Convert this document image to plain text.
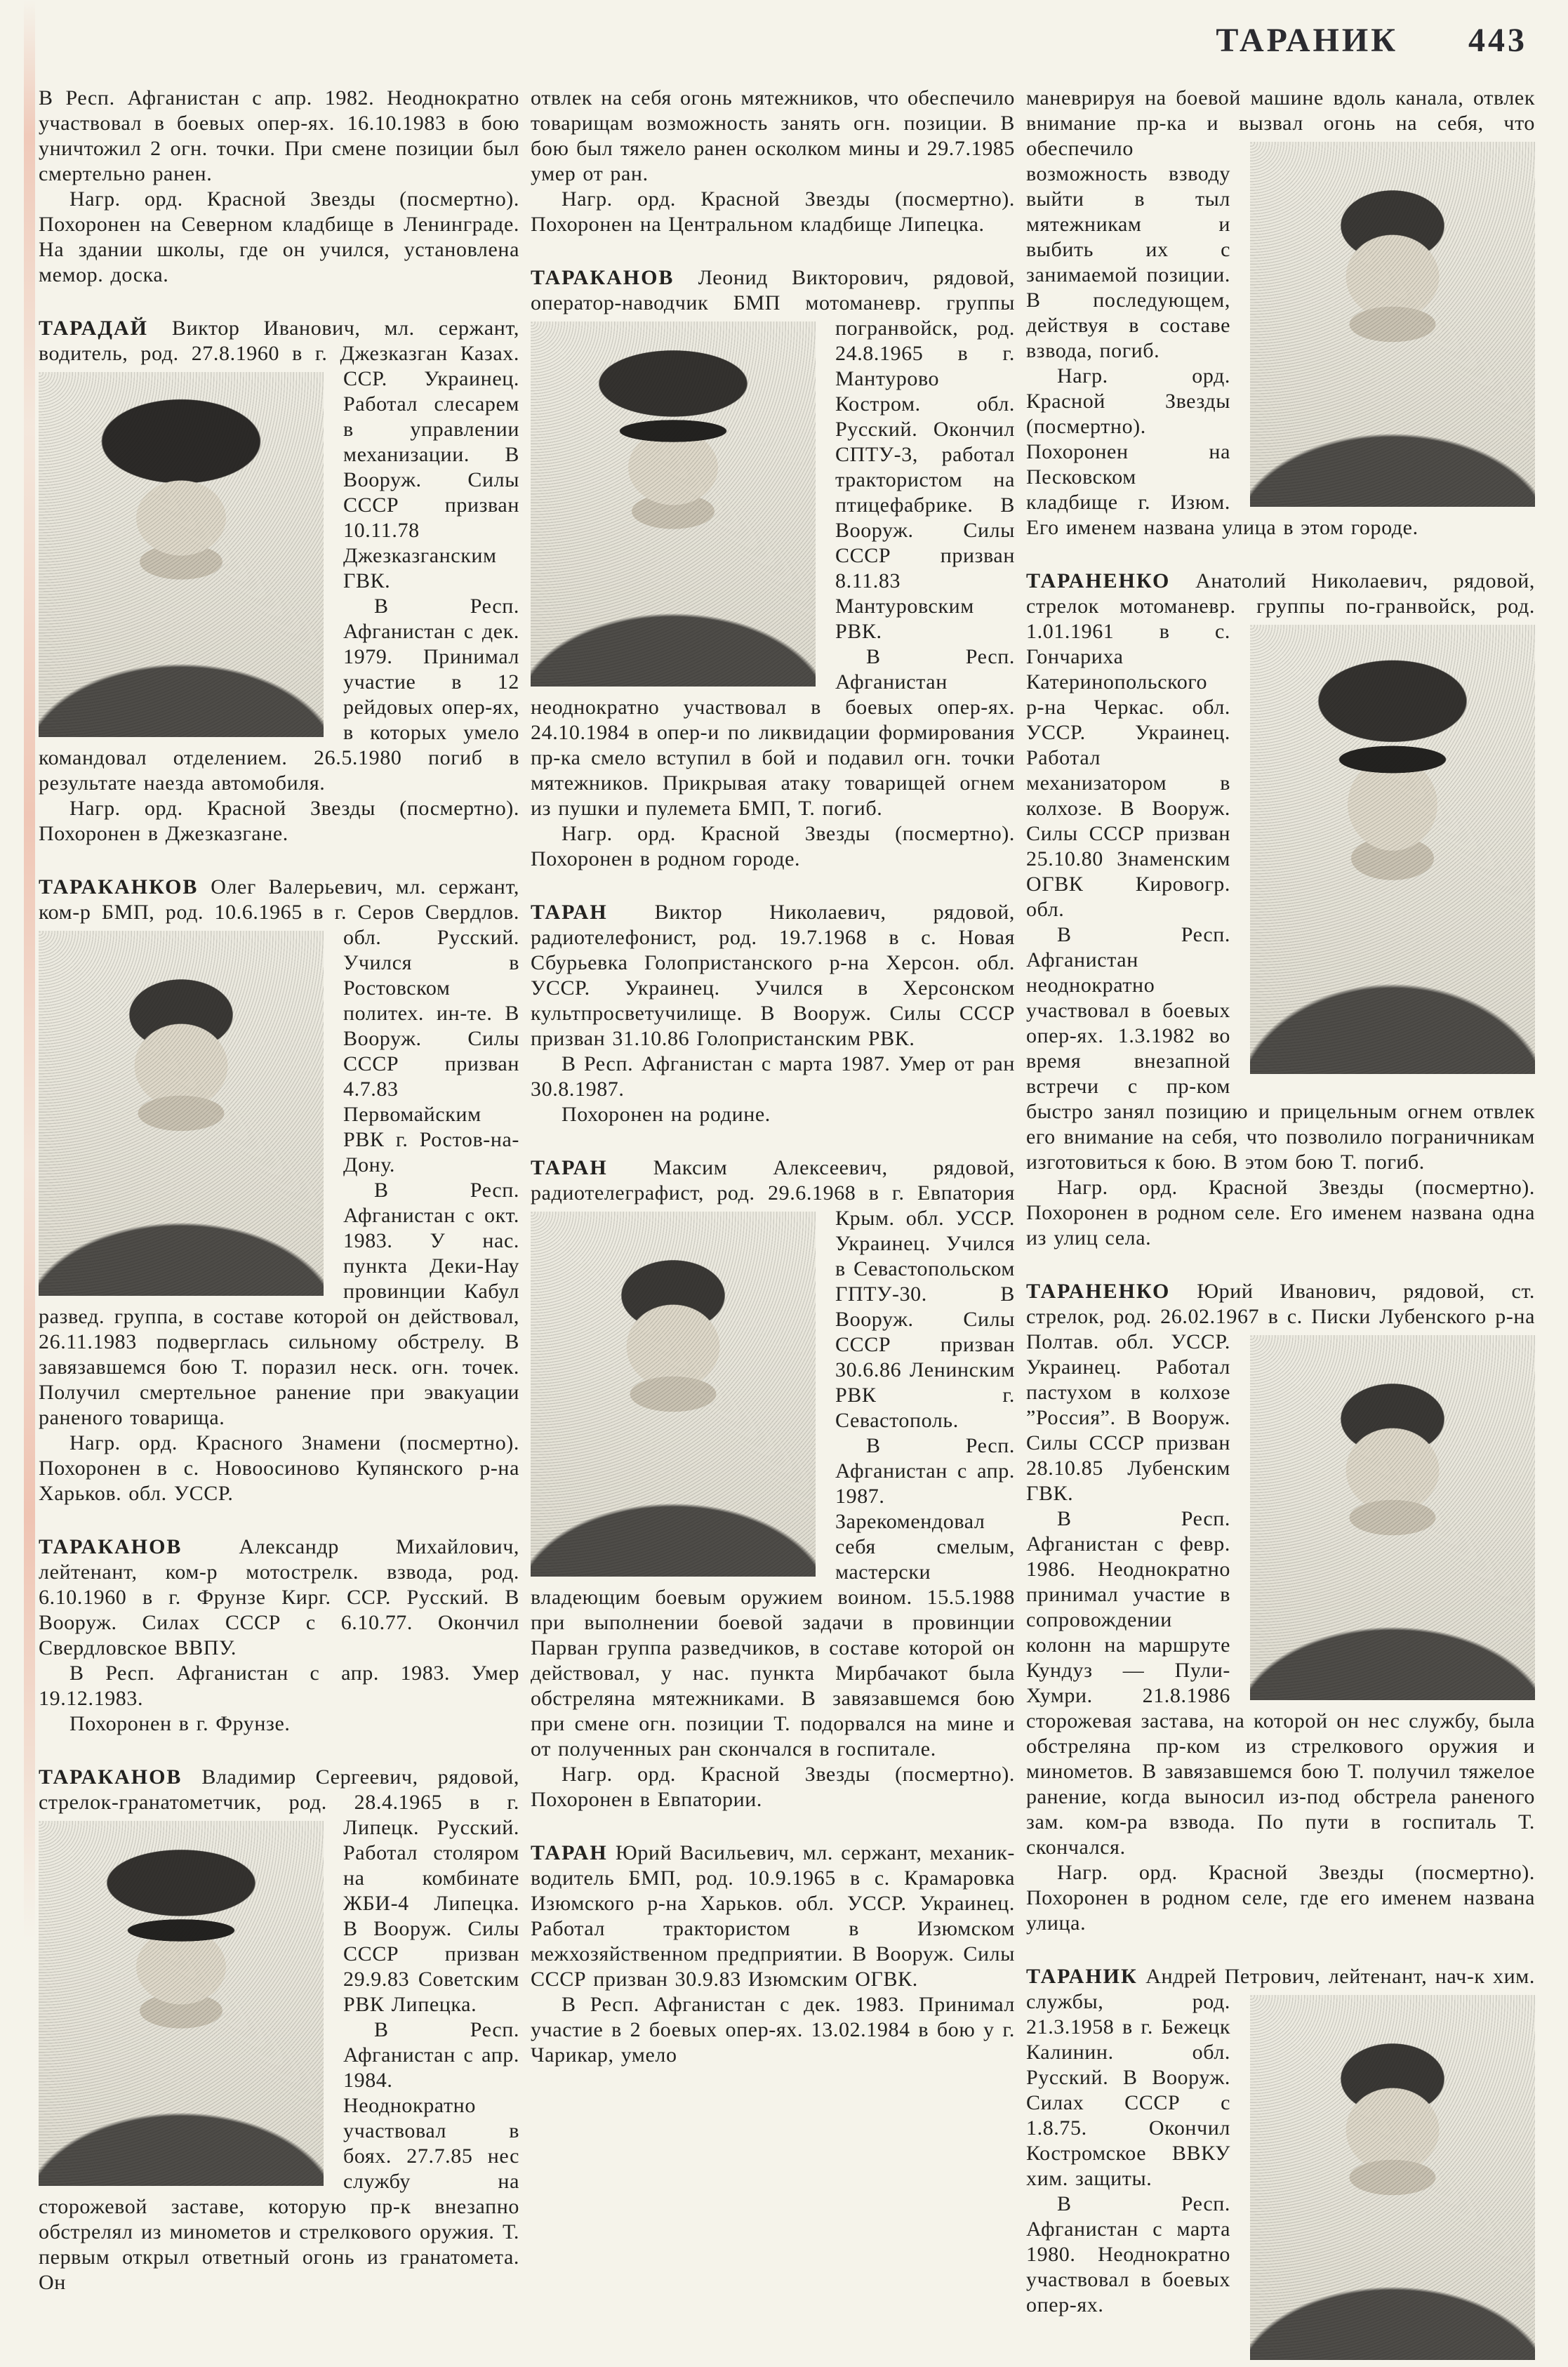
ТАРАНИК 443

В Респ. Афганистан с апр. 1982. Неоднократно участвовал в боевых опер-ях. 16.10.1983 в бою уничтожил 2 огн. точки. При смене позиции был смертельно ранен.

Нагр. орд. Красной Звезды (посмертно). Похоронен на Северном кладбище в Ленинграде. На здании школы, где он учился, установлена мемор. доска.

ТАРАДАЙ Виктор Иванович, мл. сержант, водитель, род. 27.8.1960 в г.
Джезказган Казах. ССР. Украинец. Работал слесарем в управлении механизации. В Вооруж. Силы СССР призван 10.11.78 Джезказганским ГВК.

В Респ. Афганистан с дек. 1979. Принимал участие в 12 рейдовых опер-ях, в которых умело командовал отделением. 26.5.1980 погиб в результате наезда автомобиля.

Нагр. орд. Красной Звезды (посмертно). Похоронен в Джезказгане.

ТАРАКАНКОВ Олег Валерьевич, мл. сержант, ком-р БМП, род. 10.6.1965 в г.
Серов Свердлов. обл. Русский. Учился в Ростовском политех. ин-те. В Вооруж. Силы СССР призван 4.7.83 Первомайским РВК г. Ростов-на-Дону.

В Респ. Афганистан с окт. 1983. У нас. пункта Деки-Нау провинции Кабул развед. группа, в составе которой он действовал, 26.11.1983 подверглась сильному обстрелу. В завязавшемся бою Т. поразил неск. огн. точек. Получил смертельное ранение при эвакуации раненого товарища.

Нагр. орд. Красного Знамени (посмертно). Похоронен в с. Новоосиново Купянского р-на Харьков. обл. УССР.

ТАРАКАНОВ Александр Михайлович, лейтенант, ком-р мотострелк. взвода, род. 6.10.1960 в г. Фрунзе Кирг. ССР. Русский. В Вооруж. Силах СССР с 6.10.77. Окончил Свердловское ВВПУ.

В Респ. Афганистан с апр. 1983. Умер 19.12.1983.

Похоронен в г. Фрунзе.

ТАРАКАНОВ Владимир Сергеевич, рядовой, стрелок-гранатометчик, род.
28.4.1965 в г. Липецк. Русский. Работал столяром на комбинате ЖБИ-4 Липецка. В Вооруж. Силы СССР призван 29.9.83 Советским РВК Липецка.

В Респ. Афганистан с апр. 1984. Неоднократно участвовал в боях. 27.7.85 нес службу на сторожевой заставе, которую пр-к внезапно обстрелял из минометов и стрелкового оружия. Т. первым открыл ответный огонь из гранатомета. Он

отвлек на себя огонь мятежников, что обеспечило товарищам возможность занять огн. позиции. В бою был тяжело ранен осколком мины и 29.7.1985 умер от ран.

Нагр. орд. Красной Звезды (посмертно). Похоронен на Центральном кладбище Липецка.

ТАРАКАНОВ Леонид Викторович, рядовой, оператор-наводчик БМП мотоманевр.
группы погранвойск, род. 24.8.1965 в г. Мантурово Костром. обл. Русский. Окончил СПТУ-3, работал трактористом на птицефабрике. В Вооруж. Силы СССР призван 8.11.83 Мантуровским РВК.

В Респ. Афганистан неоднократно участвовал в боевых опер-ях. 24.10.1984 в опер-и по ликвидации формирования пр-ка смело вступил в бой и подавил огн. точки мятежников. Прикрывая атаку товарищей огнем из пушки и пулемета БМП, Т. погиб.

Нагр. орд. Красной Звезды (посмертно). Похоронен в родном городе.

ТАРАН Виктор Николаевич, рядовой, радиотелефонист, род. 19.7.1968 в с. Новая Сбурьевка Голопристанского р-на Херсон. обл. УССР. Украинец. Учился в Херсонском культпросветучилище. В Вооруж. Силы СССР призван 31.10.86 Голопристанским РВК.

В Респ. Афганистан с марта 1987. Умер от ран 30.8.1987.

Похоронен на родине.

ТАРАН Максим Алексеевич, рядовой, радиотелеграфист, род. 29.6.1968 в г.
Евпатория Крым. обл. УССР. Украинец. Учился в Севастопольском ГПТУ-30. В Вооруж. Силы СССР призван 30.6.86 Ленинским РВК г. Севастополь.

В Респ. Афганистан с апр. 1987. Зарекомендовал себя смелым, мастерски владеющим боевым оружием воином. 15.5.1988 при выполнении боевой задачи в провинции Парван группа разведчиков, в составе которой он действовал, у нас. пункта Мирбачакот была обстреляна мятежниками. В завязавшемся бою при смене огн. позиции Т. подорвался на мине и от полученных ран скончался в госпитале.

Нагр. орд. Красной Звезды (посмертно). Похоронен в Евпатории.

ТАРАН Юрий Васильевич, мл. сержант, механик-водитель БМП, род. 10.9.1965 в с. Крамаровка Изюмского р-на Харьков. обл. УССР. Украинец. Работал трактористом в Изюмском межхозяйственном предприятии. В Вооруж. Силы СССР призван 30.9.83 Изюмским ОГВК.

В Респ. Афганистан с дек. 1983. Принимал участие в 2 боевых опер-ях. 13.02.1984 в бою у г. Чарикар, умело

маневрируя на боевой машине вдоль канала, отвлек внимание пр-ка и вызвал огонь
на себя, что обеспечило возможность взводу выйти в тыл мятежникам и выбить их с занимаемой позиции. В последующем, действуя в составе взвода, погиб.

Нагр. орд. Красной Звезды (посмертно). Похоронен на Песковском кладбище г. Изюм. Его именем названа улица в этом городе.

ТАРАНЕНКО Анатолий Николаевич, рядовой, стрелок мотоманевр. группы по-
гранвойск, род. 1.01.1961 в с. Гончариха Катеринопольского р-на Черкас. обл. УССР. Украинец. Работал механизатором в колхозе. В Вооруж. Силы СССР призван 25.10.80 Знаменским ОГВК Кировогр. обл.

В Респ. Афганистан неоднократно участвовал в боевых опер-ях. 1.3.1982 во время внезапной встречи с пр-ком быстро занял позицию и прицельным огнем отвлек его внимание на себя, что позволило пограничникам изготовиться к бою. В этом бою Т. погиб.

Нагр. орд. Красной Звезды (посмертно). Похоронен в родном селе. Его именем названа одна из улиц села.

ТАРАНЕНКО Юрий Иванович, рядовой, ст. стрелок, род. 26.02.1967 в с. Писки
Лубенского р-на Полтав. обл. УССР. Украинец. Работал пастухом в колхозе ”Россия”. В Вооруж. Силы СССР призван 28.10.85 Лубенским ГВК.

В Респ. Афганистан с февр. 1986. Неоднократно принимал участие в сопровождении колонн на маршруте Кундуз — Пули-Хумри. 21.8.1986 сторожевая застава, на которой он нес службу, была обстреляна пр-ком из стрелкового оружия и минометов. В завязавшемся бою Т. получил тяжелое ранение, когда выносил из-под обстрела раненого зам. ком-ра взвода. По пути в госпиталь Т. скончался.

Нагр. орд. Красной Звезды (посмертно). Похоронен в родном селе, где его именем названа улица.

ТАРАНИК Андрей Петрович, лейтенант, нач-к хим. службы,
род. 21.3.1958 в г. Бежецк Калинин. обл. Русский. В Вооруж. Силах СССР с 1.8.75. Окончил Костромское ВВКУ хим. защиты.

В Респ. Афганистан с марта 1980. Неоднократно участвовал в боевых опер-ях.
